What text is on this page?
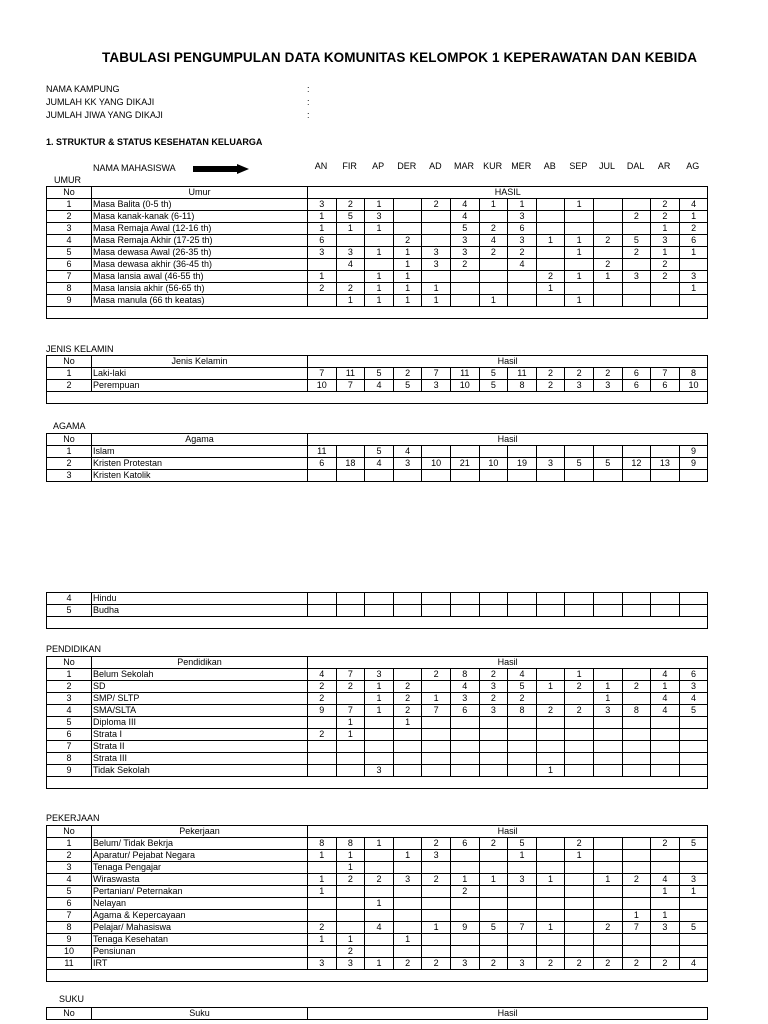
TABULASI PENGUMPULAN DATA KOMUNITAS KELOMPOK 1 KEPERAWATAN DAN KEBIDA
NAMA KAMPUNG	:
JUMLAH KK YANG DIKAJI	:
JUMLAH JIWA YANG DIKAJI	:
1. STRUKTUR & STATUS KESEHATAN KELUARGA
NAMA MAHASISWA	AN	FIR	AP	DER	AD	MAR	KUR	MER	AB	SEP	JUL	DAL	AR	AG
UMUR
No	Umur	HASIL													
1	Masa Balita (0-5 th)	3	2	1		2	4	1	1		1			2	4
2	Masa kanak-kanak (6-11)	1	5	3			4		3				2	2	1
3	Masa Remaja Awal (12-16 th)	1	1	1			5	2	6					1	2
4	Masa Remaja Akhir (17-25 th)	6			2		3	4	3	1	1	2	5	3	6
5	Masa dewasa Awal (26-35 th)	3	3	1	1	3	3	2	2		1		2	1	1
6	Masa dewasa akhir (36-45 th)		4		1	3	2		4			2		2	
7	Masa lansia awal (46-55 th)	1		1	1					2	1	1	3	2	3
8	Masa lansia akhir (56-65 th)	2	2	1	1	1				1					1
9	Masa manula (66 th keatas)		1	1	1	1		1			1				

JENIS KELAMIN
No	Jenis Kelamin	Hasil													
1	Laki-laki	7	11	5	2	7	11	5	11	2	2	2	6	7	8
2	Perempuan	10	7	4	5	3	10	5	8	2	3	3	6	6	10

AGAMA
No	Agama	Hasil													
1	Islam	11		5	4										9
2	Kristen Protestan	6	18	4	3	10	21	10	19	3	5	5	12	13	9
3	Kristen Katolik														
4	Hindu														
5	Budha														

PENDIDIKAN
No	Pendidikan	Hasil													
1	Belum Sekolah	4	7	3		2	8	2	4		1			4	6
2	SD	2	2	1	2		4	3	5	1	2	1	2	1	3
3	SMP/ SLTP	2		1	2	1	3	2	2			1		4	4
4	SMA/SLTA	9	7	1	2	7	6	3	8	2	2	3	8	4	5
5	Diploma III		1		1										
6	Strata I	2	1												
7	Strata II														
8	Strata III														
9	Tidak Sekolah			3						1					

PEKERJAAN
No	Pekerjaan	Hasil													
1	Belum/ Tidak Bekrja	8	8	1		2	6	2	5		2			2	5
2	Aparatur/ Pejabat Negara	1	1		1	3			1		1				
3	Tenaga Pengajar		1												
4	Wiraswasta	1	2	2	3	2	1	1	3	1		1	2	4	3
5	Pertanian/ Peternakan	1					2							1	1
6	Nelayan			1											
7	Agama & Kepercayaan												1	1	
8	Pelajar/ Mahasiswa	2		4		1	9	5	7	1		2	7	3	5
9	Tenaga Kesehatan	1	1		1										
10	Pensiunan		2												
11	IRT	3	3	1	2	2	3	2	3	2	2	2	2	2	4

SUKU
No	Suku	Hasil
